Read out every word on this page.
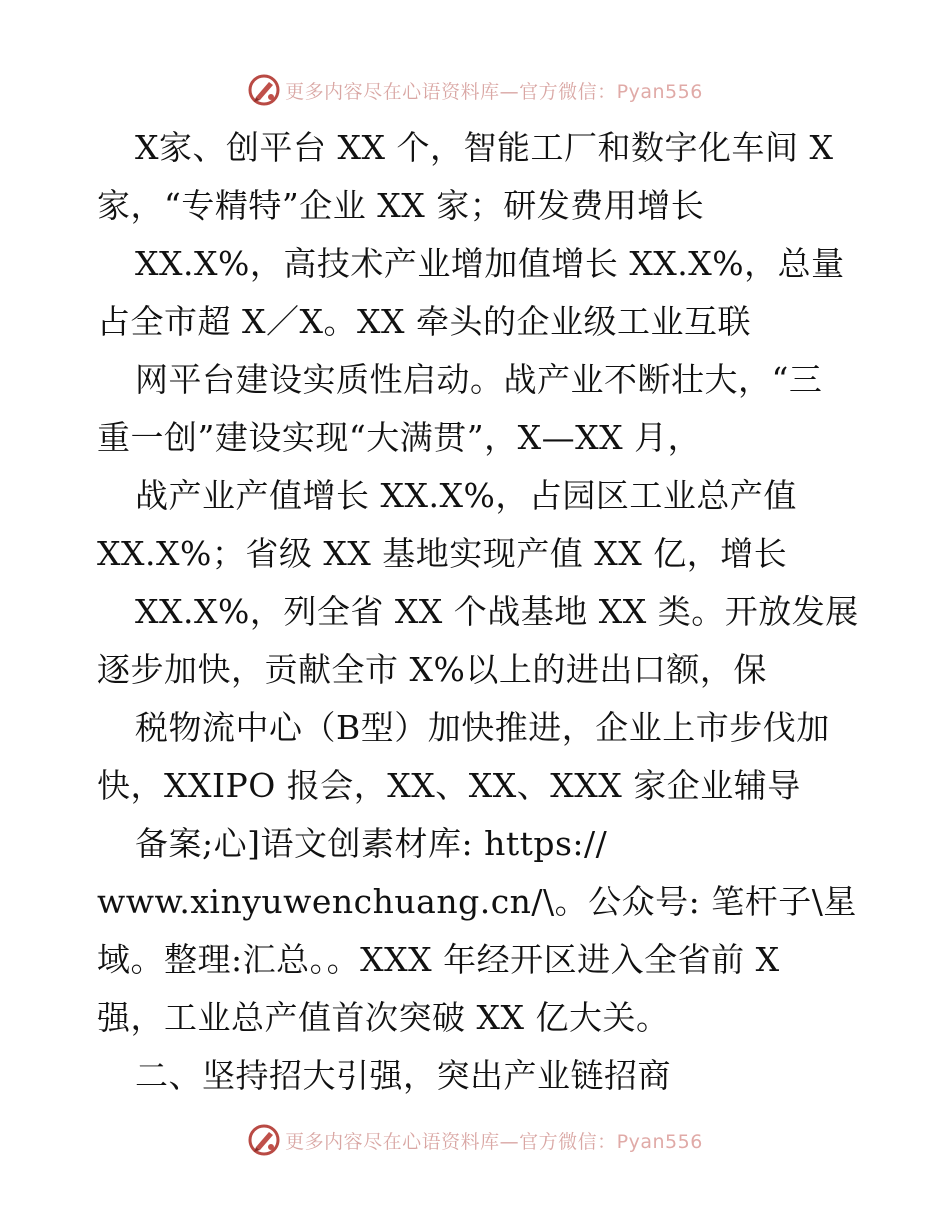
更多内容尽在心语资料库—官方微信：Pyan556
X家、创平台 XX 个，智能工厂和数字化车间 X
家，“专精特”企业 XX 家；研发费用增长
XX.X%，高技术产业增加值增长 XX.X%，总量
占全市超 X／X。XX 牵头的企业级工业互联
网平台建设实质性启动。战产业不断壮大，“三
重一创”建设实现“大满贯”，X—XX 月，
战产业产值增长 XX.X%，占园区工业总产值
XX.X%；省级 XX 基地实现产值 XX 亿，增长
XX.X%，列全省 XX 个战基地 XX 类。开放发展
逐步加快，贡献全市 X%以上的进出口额，保
税物流中心（B型）加快推进，企业上市步伐加
快，XXIPO 报会，XX、XX、XXX 家企业辅导
备案;心]语文创素材库: https://
www.xinyuwenchuang.cn/\。公众号: 笔杆子\星
域。整理:汇总。。XXX 年经开区进入全省前 X
强，工业总产值首次突破 XX 亿大关。
二、坚持招大引强，突出产业链招商
更多内容尽在心语资料库—官方微信：Pyan556
